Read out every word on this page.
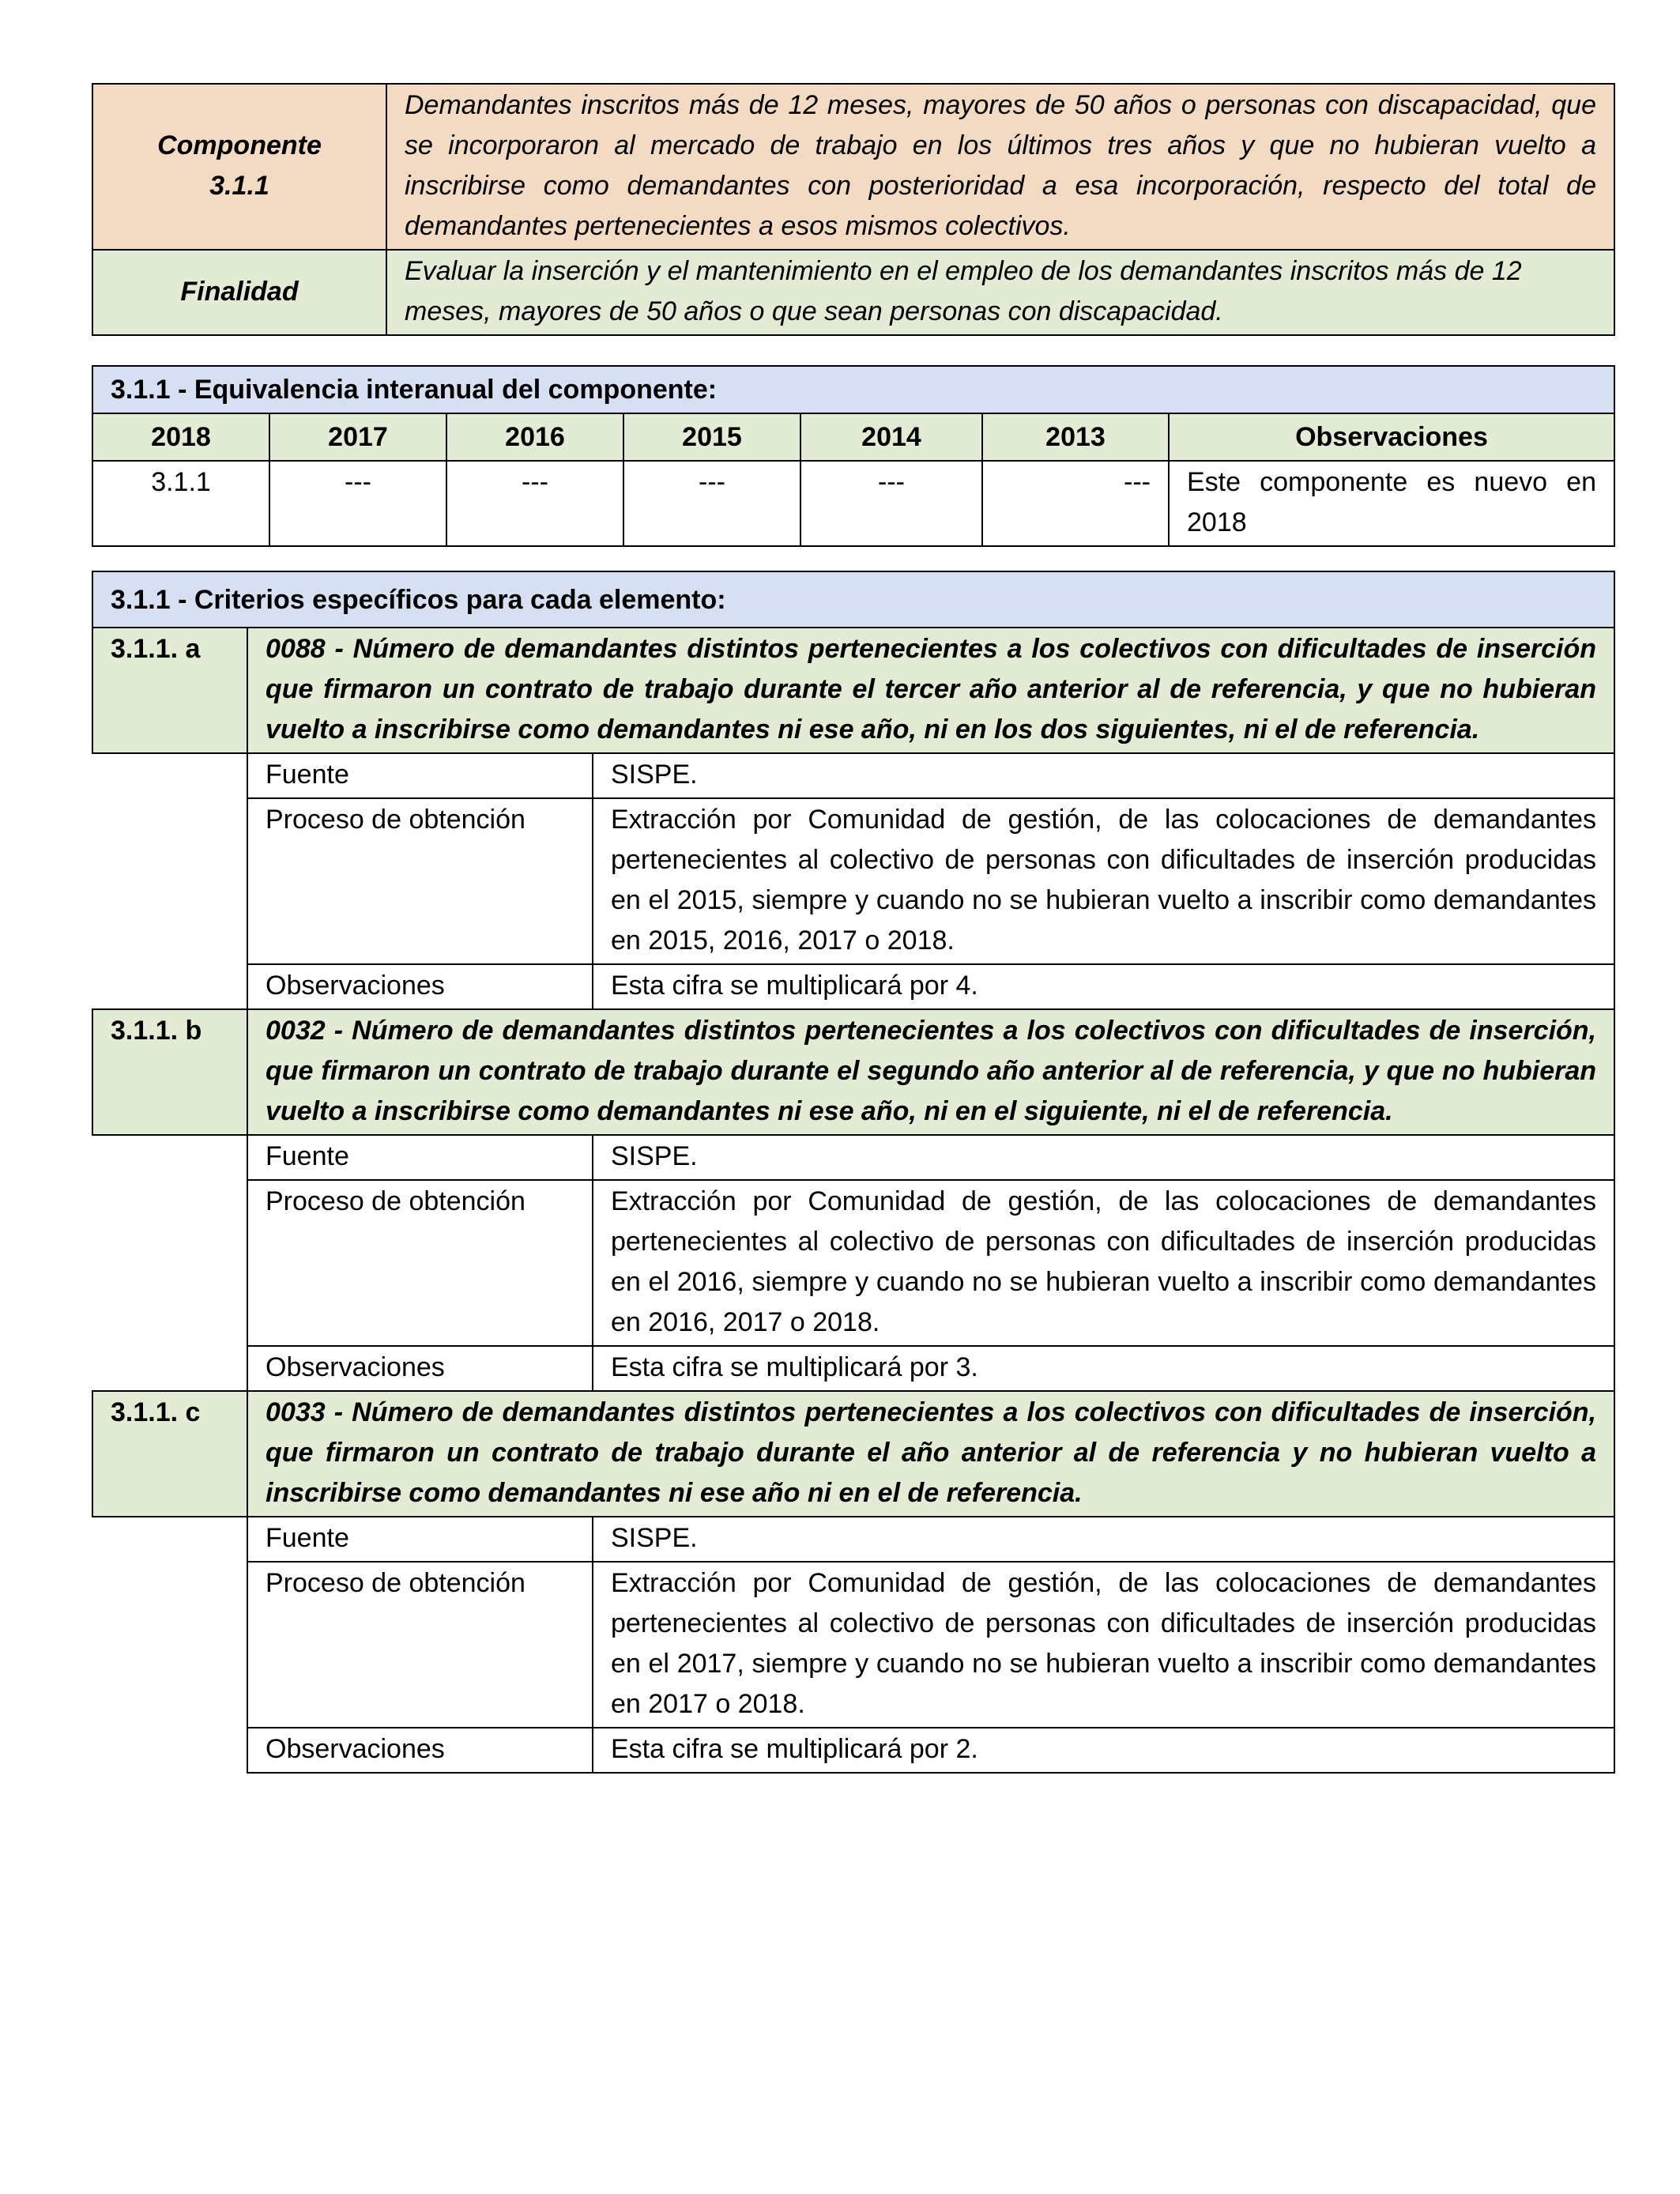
Componente
3.1.1	Demandantes inscritos más de 12 meses, mayores de 50 años o personas con discapacidad, que se incorporaron al mercado de trabajo en los últimos tres años y que no hubieran vuelto a inscribirse como demandantes con posterioridad a esa incorporación, respecto del total de demandantes pertenecientes a esos mismos colectivos.
Finalidad	Evaluar la inserción y el mantenimiento en el empleo de los demandantes inscritos más de 12 meses, mayores de 50 años o que sean personas con discapacidad.
3.1.1 - Equivalencia interanual del componente:						
2018	2017	2016	2015	2014	2013	Observaciones
3.1.1	---	---	---	---	---	Este componente es nuevo en 2018
3.1.1 - Criterios específicos para cada elemento:		
3.1.1. a	0088 - Número de demandantes distintos pertenecientes a los colectivos con dificultades de inserción que firmaron un contrato de trabajo durante el tercer año anterior al de referencia, y que no hubieran vuelto a inscribirse como demandantes ni ese año, ni en los dos siguientes, ni el de referencia.	
	Fuente	SISPE.
	Proceso de obtención	Extracción por Comunidad de gestión, de las colocaciones de demandantes pertenecientes al colectivo de personas con dificultades de inserción producidas en el 2015, siempre y cuando no se hubieran vuelto a inscribir como demandantes en 2015, 2016, 2017 o 2018.
	Observaciones	Esta cifra se multiplicará por 4.
3.1.1. b	0032 - Número de demandantes distintos pertenecientes a los colectivos con dificultades de inserción, que firmaron un contrato de trabajo durante el segundo año anterior al de referencia, y que no hubieran vuelto a inscribirse como demandantes ni ese año, ni en el siguiente, ni el de referencia.	
	Fuente	SISPE.
	Proceso de obtención	Extracción por Comunidad de gestión, de las colocaciones de demandantes pertenecientes al colectivo de personas con dificultades de inserción producidas en el 2016, siempre y cuando no se hubieran vuelto a inscribir como demandantes en 2016, 2017 o 2018.
	Observaciones	Esta cifra se multiplicará por 3.
3.1.1. c	0033 - Número de demandantes distintos pertenecientes a los colectivos con dificultades de inserción, que firmaron un contrato de trabajo durante el año anterior al de referencia y no hubieran vuelto a inscribirse como demandantes ni ese año ni en el de referencia.	
	Fuente	SISPE.
	Proceso de obtención	Extracción por Comunidad de gestión, de las colocaciones de demandantes pertenecientes al colectivo de personas con dificultades de inserción producidas en el 2017, siempre y cuando no se hubieran vuelto a inscribir como demandantes en 2017 o 2018.
	Observaciones	Esta cifra se multiplicará por 2.
